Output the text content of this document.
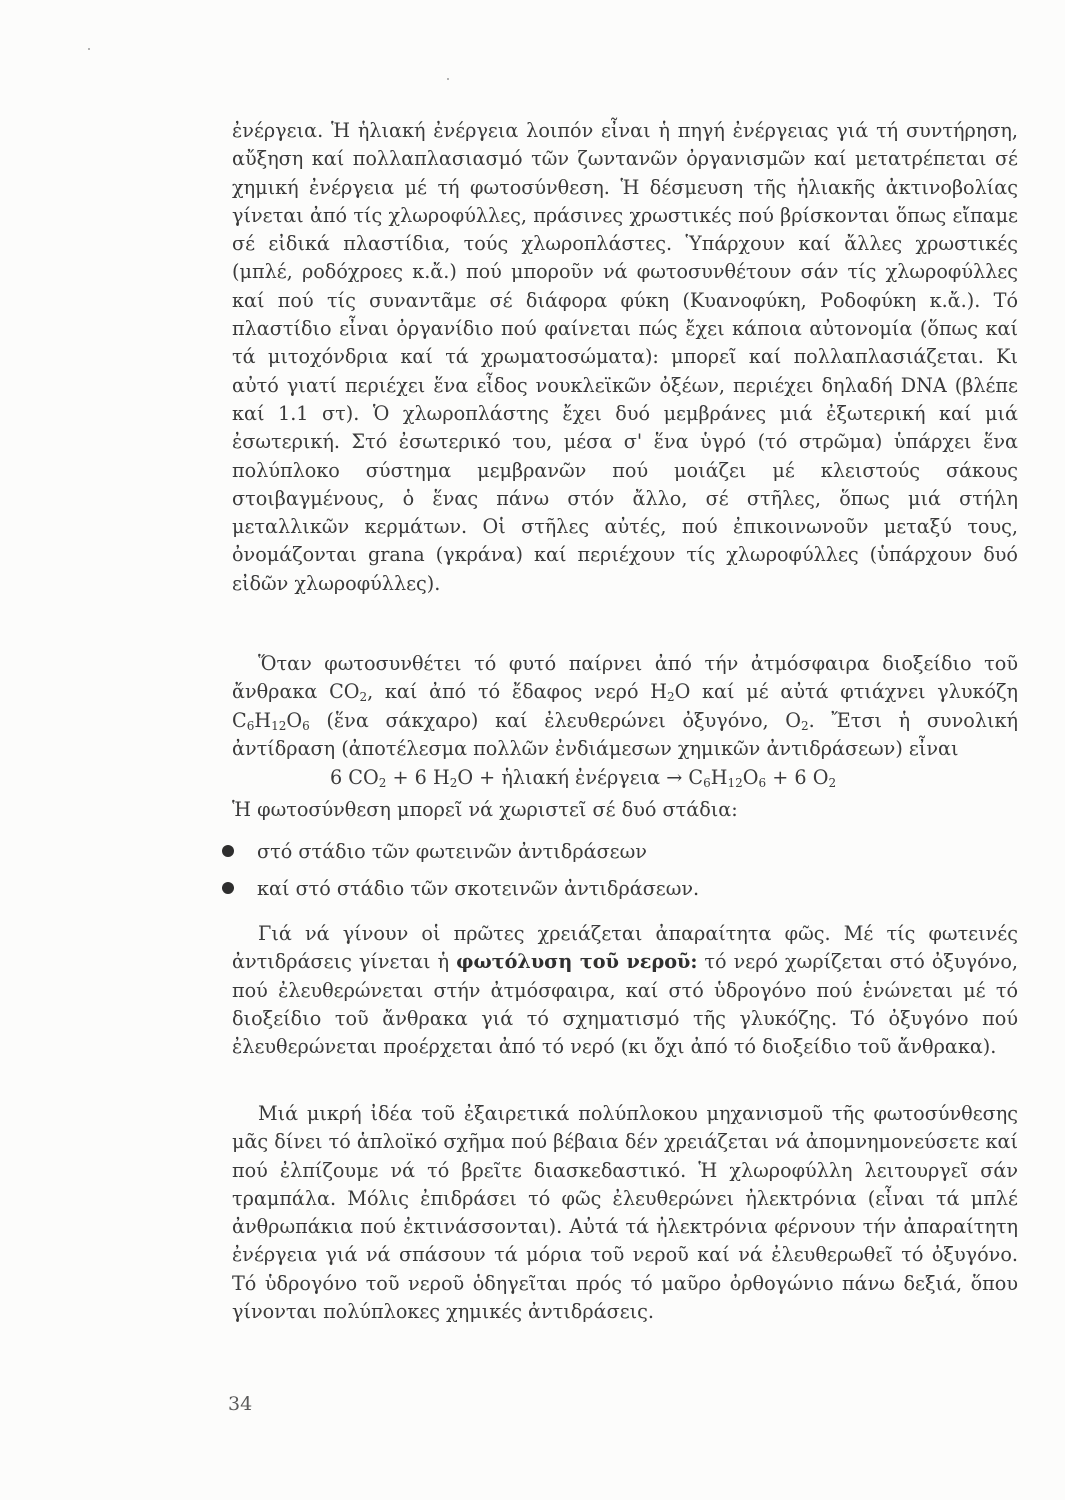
ἐνέργεια. Ἡ ἡλιακή ἐνέργεια λοιπόν εἶναι ἡ πηγή ἐνέργειας γιά τή συντήρηση, αὔξηση καί πολλαπλασιασμό τῶν ζωντανῶν ὀργανισμῶν καί μετατρέπεται σέ χημική ἐνέργεια μέ τή φωτοσύνθεση. Ἡ δέσμευση τῆς ἡλιακῆς ἀκτινοβολίας γίνεται ἀπό τίς χλωροφύλλες, πράσινες χρωστικές πού βρίσκονται ὅπως εἴπαμε σέ εἰδικά πλαστίδια, τούς χλωροπλάστες. Ὑπάρχουν καί ἄλλες χρωστικές (μπλέ, ροδόχροες κ.ἄ.) πού μποροῦν νά φωτοσυνθέτουν σάν τίς χλωροφύλλες καί πού τίς συναντᾶμε σέ διάφορα φύκη (Κυανοφύκη, Ροδοφύκη κ.ἄ.). Τό πλαστίδιο εἶναι ὀργανίδιο πού φαίνεται πώς ἔχει κάποια αὐτονομία (ὅπως καί τά μιτοχόνδρια καί τά χρωματοσώματα): μπορεῖ καί πολλαπλασιάζεται. Κι αὐτό γιατί περιέχει ἕνα εἶδος νουκλεϊκῶν ὀξέων, περιέχει δηλαδή DNA (βλέπε καί 1.1 στ). Ὁ χλωροπλάστης ἔχει δυό μεμβράνες μιά ἐξωτερική καί μιά ἐσωτερική. Στό ἐσωτερικό του, μέσα σ' ἕνα ὑγρό (τό στρῶμα) ὑπάρχει ἕνα πολύπλοκο σύστημα μεμβρανῶν πού μοιάζει μέ κλειστούς σάκους στοιβαγμένους, ὁ ἕνας πάνω στόν ἄλλο, σέ στῆλες, ὅπως μιά στήλη μεταλλικῶν κερμάτων. Οἱ στῆλες αὐτές, πού ἐπικοινωνοῦν μεταξύ τους, ὀνομάζονται grana (γκράνα) καί περιέχουν τίς χλωροφύλλες (ὑπάρχουν δυό εἰδῶν χλωροφύλλες).

Ὅταν φωτοσυνθέτει τό φυτό παίρνει ἀπό τήν ἀτμόσφαιρα διοξείδιο τοῦ ἄνθρακα $CO_2$, καί ἀπό τό ἔδαφος νερό $H_2O$ καί μέ αὐτά φτιάχνει γλυκόζη $C_6H_{12}O_6$ (ἕνα σάκχαρο) καί ἐλευθερώνει ὀξυγόνο, $O_2$. Ἔτσι ἡ συνολική ἀντίδραση (ἀποτέλεσμα πολλῶν ἐνδιάμεσων χημικῶν ἀντιδράσεων) εἶναι

6 $CO_2 + 6$ $H_2O$ + ἡλιακή ἐνέργεια → $C_6H_{12}O_6 + 6$ $O_2$
Ἡ φωτοσύνθεση μπορεῖ νά χωριστεῖ σέ δυό στάδια:
στό στάδιο τῶν φωτεινῶν ἀντιδράσεων
καί στό στάδιο τῶν σκοτεινῶν ἀντιδράσεων.

Γιά νά γίνουν οἱ πρῶτες χρειάζεται ἀπαραίτητα φῶς. Μέ τίς φωτεινές ἀντιδράσεις γίνεται ἡ φωτόλυση τοῦ νεροῦ: τό νερό χωρίζεται στό ὀξυγόνο, πού ἐλευθερώνεται στήν ἀτμόσφαιρα, καί στό ὑδρογόνο πού ἑνώνεται μέ τό διοξείδιο τοῦ ἄνθρακα γιά τό σχηματισμό τῆς γλυκόζης. Τό ὀξυγόνο πού ἐλευθερώνεται προέρχεται ἀπό τό νερό (κι ὄχι ἀπό τό διοξείδιο τοῦ ἄνθρακα).

Μιά μικρή ἰδέα τοῦ ἐξαιρετικά πολύπλοκου μηχανισμοῦ τῆς φωτοσύνθεσης μᾶς δίνει τό ἁπλοϊκό σχῆμα πού βέβαια δέν χρειάζεται νά ἀπομνημονεύσετε καί πού ἐλπίζουμε νά τό βρεῖτε διασκεδαστικό. Ἡ χλωροφύλλη λειτουργεῖ σάν τραμπάλα. Μόλις ἐπιδράσει τό φῶς ἐλευθερώνει ἠλεκτρόνια (εἶναι τά μπλέ ἀνθρωπάκια πού ἐκτινάσσονται). Αὐτά τά ἠλεκτρόνια φέρνουν τήν ἀπαραίτητη ἐνέργεια γιά νά σπάσουν τά μόρια τοῦ νεροῦ καί νά ἐλευθερωθεῖ τό ὀξυγόνο. Τό ὑδρογόνο τοῦ νεροῦ ὁδηγεῖται πρός τό μαῦρο ὀρθογώνιο πάνω δεξιά, ὅπου γίνονται πολύπλοκες χημικές ἀντιδράσεις.

34
